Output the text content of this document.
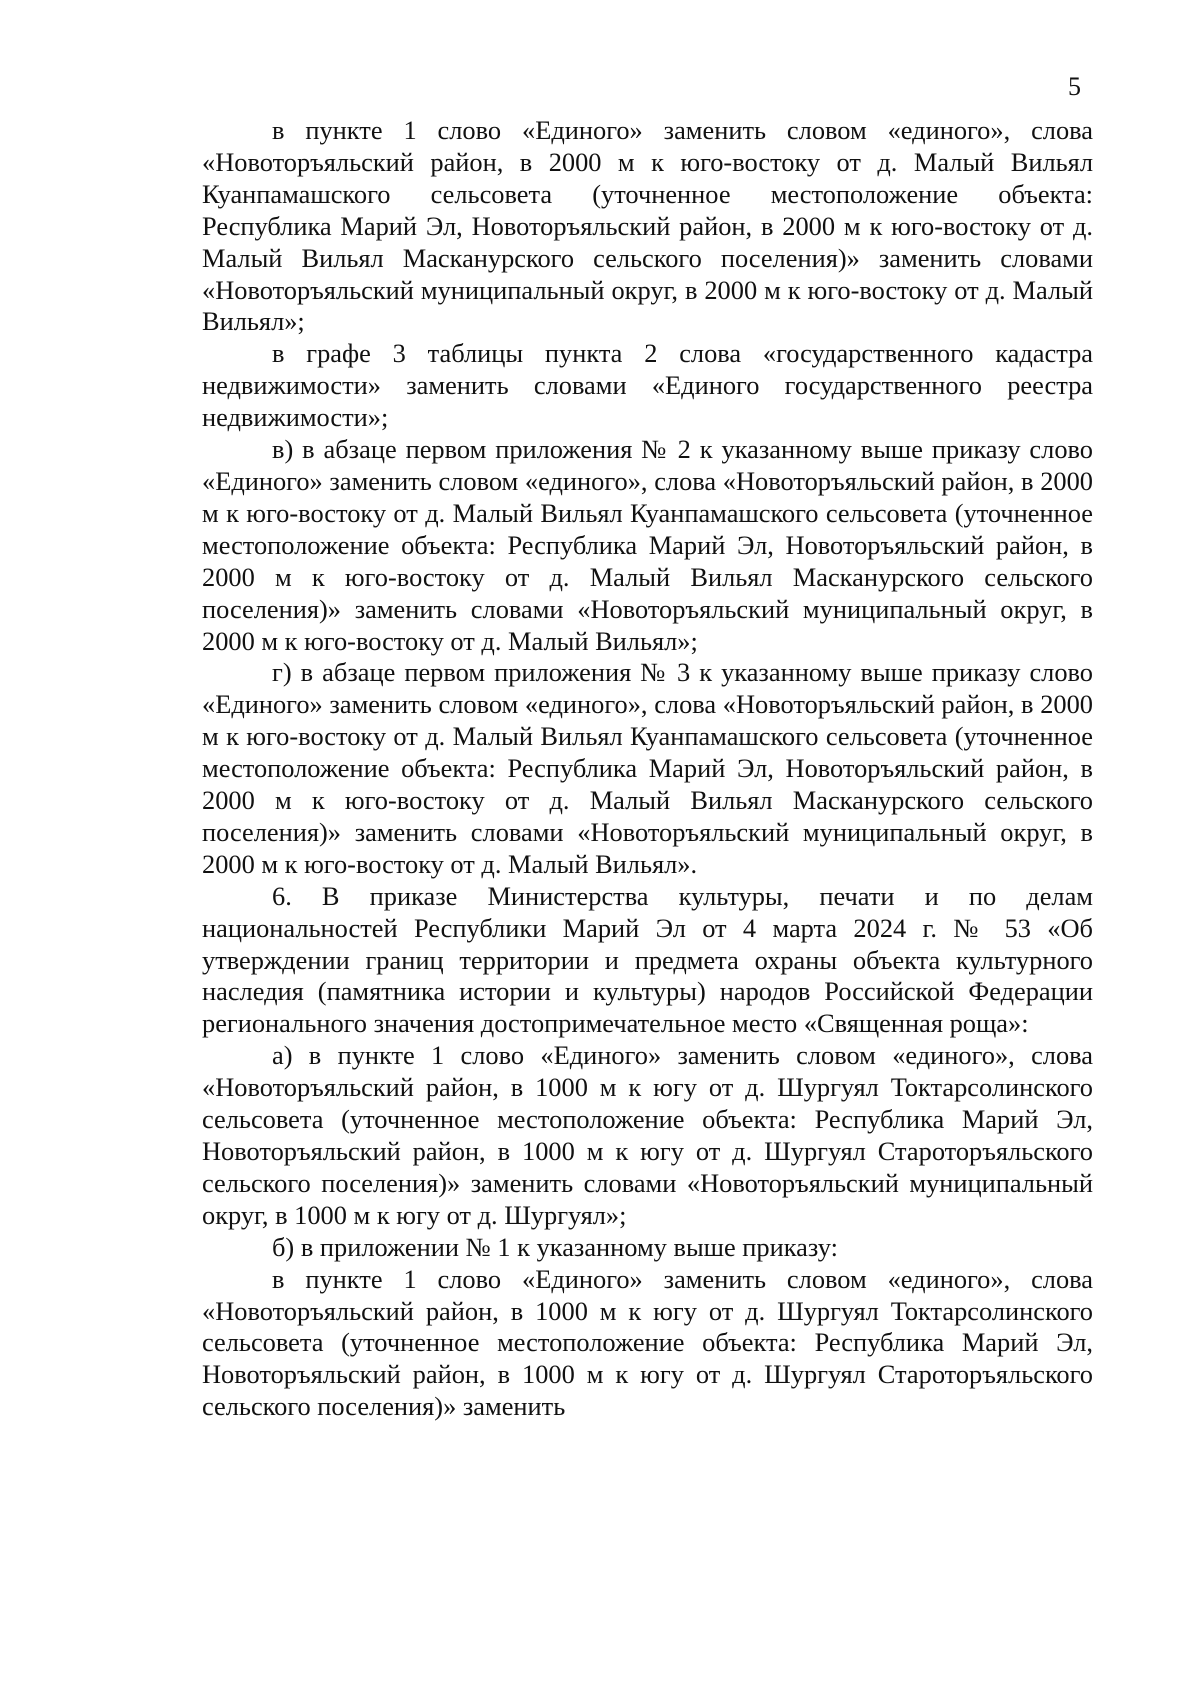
5

в пункте 1 слово «Единого» заменить словом «единого», слова «Новоторъяльский район, в 2000 м к юго-востоку от д. Малый Вильял Куанпамашского сельсовета (уточненное местоположение объекта: Республика Марий Эл, Новоторъяльский район, в 2000 м к юго-востоку от д. Малый Вильял Масканурского сельского поселения)» заменить словами «Новоторъяльский муниципальный округ, в 2000 м к юго-востоку от д. Малый Вильял»;

в графе 3 таблицы пункта 2 слова «государственного кадастра недвижимости» заменить словами «Единого государственного реестра недвижимости»;

в) в абзаце первом приложения № 2 к указанному выше приказу слово «Единого» заменить словом «единого», слова «Новоторъяльский район, в 2000 м к юго-востоку от д. Малый Вильял Куанпамашского сельсовета (уточненное местоположение объекта: Республика Марий Эл, Новоторъяльский район, в 2000 м к юго-востоку от д. Малый Вильял Масканурского сельского поселения)» заменить словами «Новоторъяльский муниципальный округ, в 2000 м к юго-востоку от д. Малый Вильял»;

г) в абзаце первом приложения № 3 к указанному выше приказу слово «Единого» заменить словом «единого», слова «Новоторъяльский район, в 2000 м к юго-востоку от д. Малый Вильял Куанпамашского сельсовета (уточненное местоположение объекта: Республика Марий Эл, Новоторъяльский район, в 2000 м к юго-востоку от д. Малый Вильял Масканурского сельского поселения)» заменить словами «Новоторъяльский муниципальный округ, в 2000 м к юго-востоку от д. Малый Вильял».

6. В приказе Министерства культуры, печати и по делам национальностей Республики Марий Эл от 4 марта 2024 г. № 53 «Об утверждении границ территории и предмета охраны объекта культурного наследия (памятника истории и культуры) народов Российской Федерации регионального значения достопримечательное место «Священная роща»:

а) в пункте 1 слово «Единого» заменить словом «единого», слова «Новоторъяльский район, в 1000 м к югу от д. Шургуял Токтарсолинского сельсовета (уточненное местоположение объекта: Республика Марий Эл, Новоторъяльский район, в 1000 м к югу от д. Шургуял Староторъяльского сельского поселения)» заменить словами «Новоторъяльский муниципальный округ, в 1000 м к югу от д. Шургуял»;

б) в приложении № 1 к указанному выше приказу:

в пункте 1 слово «Единого» заменить словом «единого», слова «Новоторъяльский район, в 1000 м к югу от д. Шургуял Токтарсолинского сельсовета (уточненное местоположение объекта: Республика Марий Эл, Новоторъяльский район, в 1000 м к югу от д. Шургуял Староторъяльского сельского поселения)» заменить
